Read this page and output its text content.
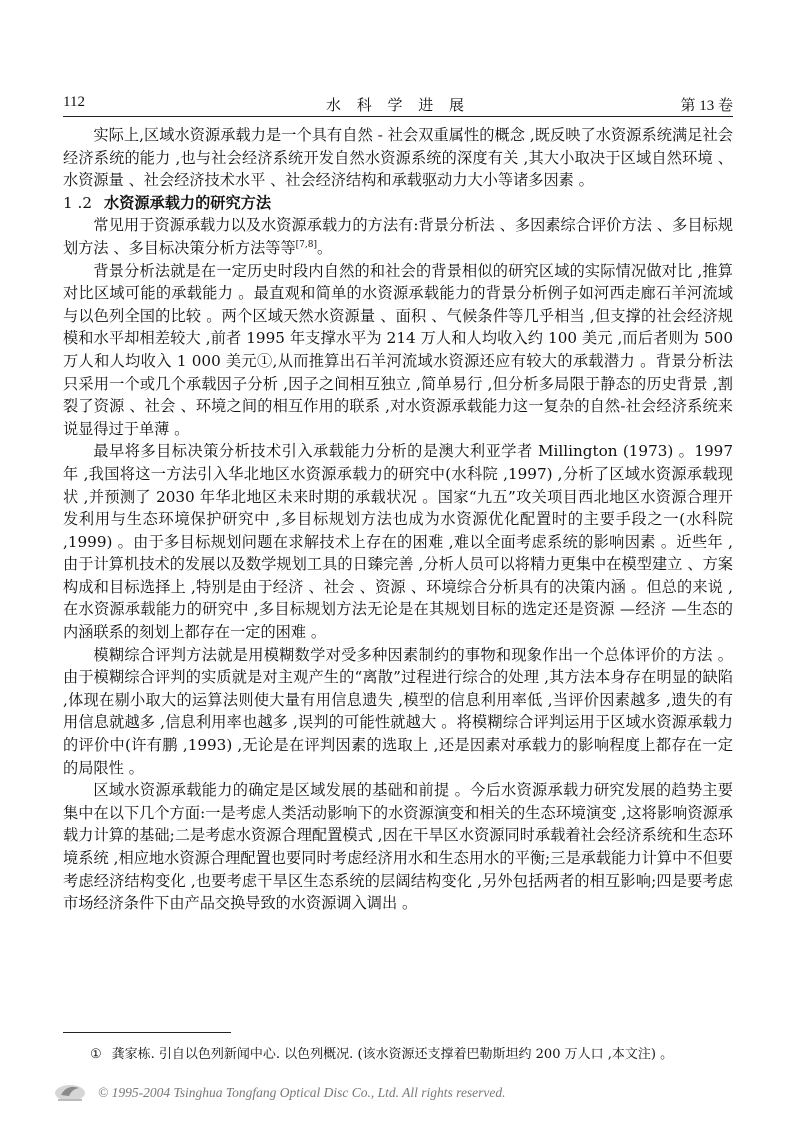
112	水 科 学 进 展	第 13 卷

实际上,区域水资源承载力是一个具有自然 - 社会双重属性的概念 ,既反映了水资源系统满足社会经济系统的能力 ,也与社会经济系统开发自然水资源系统的深度有关 ,其大小取决于区域自然环境 、水资源量 、社会经济技术水平 、社会经济结构和承载驱动力大小等诸多因素 。

1 .2 水资源承载力的研究方法

常见用于资源承载力以及水资源承载力的方法有:背景分析法 、多因素综合评价方法 、多目标规划方法 、多目标决策分析方法等等[7,8]。

背景分析法就是在一定历史时段内自然的和社会的背景相似的研究区域的实际情况做对比 ,推算对比区域可能的承载能力 。最直观和简单的水资源承载能力的背景分析例子如河西走廊石羊河流域与以色列全国的比较 。两个区域天然水资源量 、面积 、气候条件等几乎相当 ,但支撑的社会经济规模和水平却相差较大 ,前者 1995 年支撑水平为 214 万人和人均收入约 100 美元 ,而后者则为 500 万人和人均收入 1 000 美元①,从而推算出石羊河流域水资源还应有较大的承载潜力 。背景分析法只采用一个或几个承载因子分析 ,因子之间相互独立 ,简单易行 ,但分析多局限于静态的历史背景 ,割裂了资源 、社会 、环境之间的相互作用的联系 ,对水资源承载能力这一复杂的自然-社会经济系统来说显得过于单薄 。

最早将多目标决策分析技术引入承载能力分析的是澳大利亚学者 Millington (1973) 。1997 年 ,我国将这一方法引入华北地区水资源承载力的研究中(水科院 ,1997) ,分析了区域水资源承载现状 ,并预测了 2030 年华北地区未来时期的承载状况 。国家“九五”攻关项目西北地区水资源合理开发利用与生态环境保护研究中 ,多目标规划方法也成为水资源优化配置时的主要手段之一(水科院 ,1999) 。由于多目标规划问题在求解技术上存在的困难 ,难以全面考虑系统的影响因素 。近些年 ,由于计算机技术的发展以及数学规划工具的日臻完善 ,分析人员可以将精力更集中在模型建立 、方案构成和目标选择上 ,特别是由于经济 、社会 、资源 、环境综合分析具有的决策内涵 。但总的来说 ,在水资源承载能力的研究中 ,多目标规划方法无论是在其规划目标的选定还是资源 —经济 —生态的内涵联系的刻划上都存在一定的困难 。

模糊综合评判方法就是用模糊数学对受多种因素制约的事物和现象作出一个总体评价的方法 。由于模糊综合评判的实质就是对主观产生的“离散”过程进行综合的处理 ,其方法本身存在明显的缺陷 ,体现在剔小取大的运算法则使大量有用信息遗失 ,模型的信息利用率低 ,当评价因素越多 ,遗失的有用信息就越多 ,信息利用率也越多 ,误判的可能性就越大 。将模糊综合评判运用于区域水资源承载力的评价中(许有鹏 ,1993) ,无论是在评判因素的选取上 ,还是因素对承载力的影响程度上都存在一定的局限性 。

区域水资源承载能力的确定是区域发展的基础和前提 。今后水资源承载力研究发展的趋势主要集中在以下几个方面:一是考虑人类活动影响下的水资源演变和相关的生态环境演变 ,这将影响资源承载力计算的基础;二是考虑水资源合理配置模式 ,因在干旱区水资源同时承载着社会经济系统和生态环境系统 ,相应地水资源合理配置也要同时考虑经济用水和生态用水的平衡;三是承载能力计算中不但要考虑经济结构变化 ,也要考虑干旱区生态系统的层阔结构变化 ,另外包括两者的相互影响;四是要考虑市场经济条件下由产品交换导致的水资源调入调出 。

① 龚家栋. 引自以色列新闻中心. 以色列概况. (该水资源还支撑着巴勒斯坦约 200 万人口 ,本文注) 。
© 1995-2004 Tsinghua Tongfang Optical Disc Co., Ltd. All rights reserved.
